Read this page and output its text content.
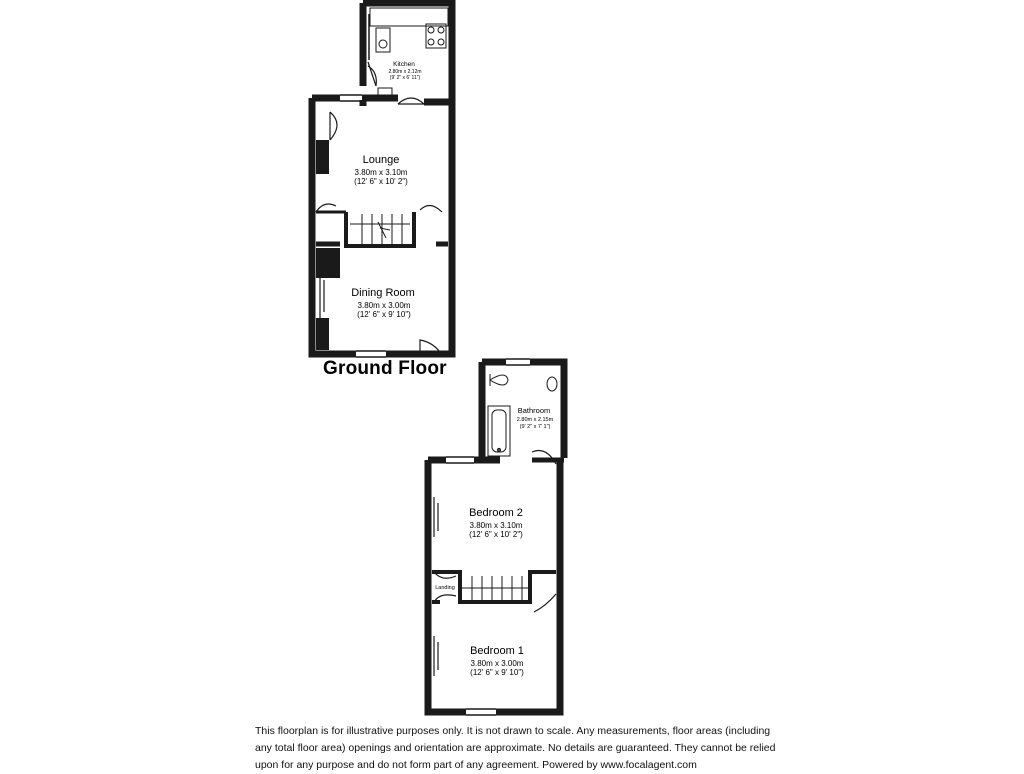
Kitchen
2.80m x 2.12m
(9' 2" x 6' 11")
Lounge
3.80m x 3.10m
(12' 6" x 10' 2")
Dining Room
3.80m x 3.00m
(12' 6" x 9' 10")
Bathroom
2.80m x 2.15m
(9' 2" x 7' 1")
Bedroom 2
3.80m x 3.10m
(12' 6" x 10' 2")
Landing
Bedroom 1
3.80m x 3.00m
(12' 6" x 9' 10")
Ground Floor
This floorplan is for illustrative purposes only. It is not drawn to scale. Any measurements, floor areas (including any total floor area) openings and orientation are approximate. No details are guaranteed. They cannot be relied upon for any purpose and do not form part of any agreement. Powered by www.focalagent.com
